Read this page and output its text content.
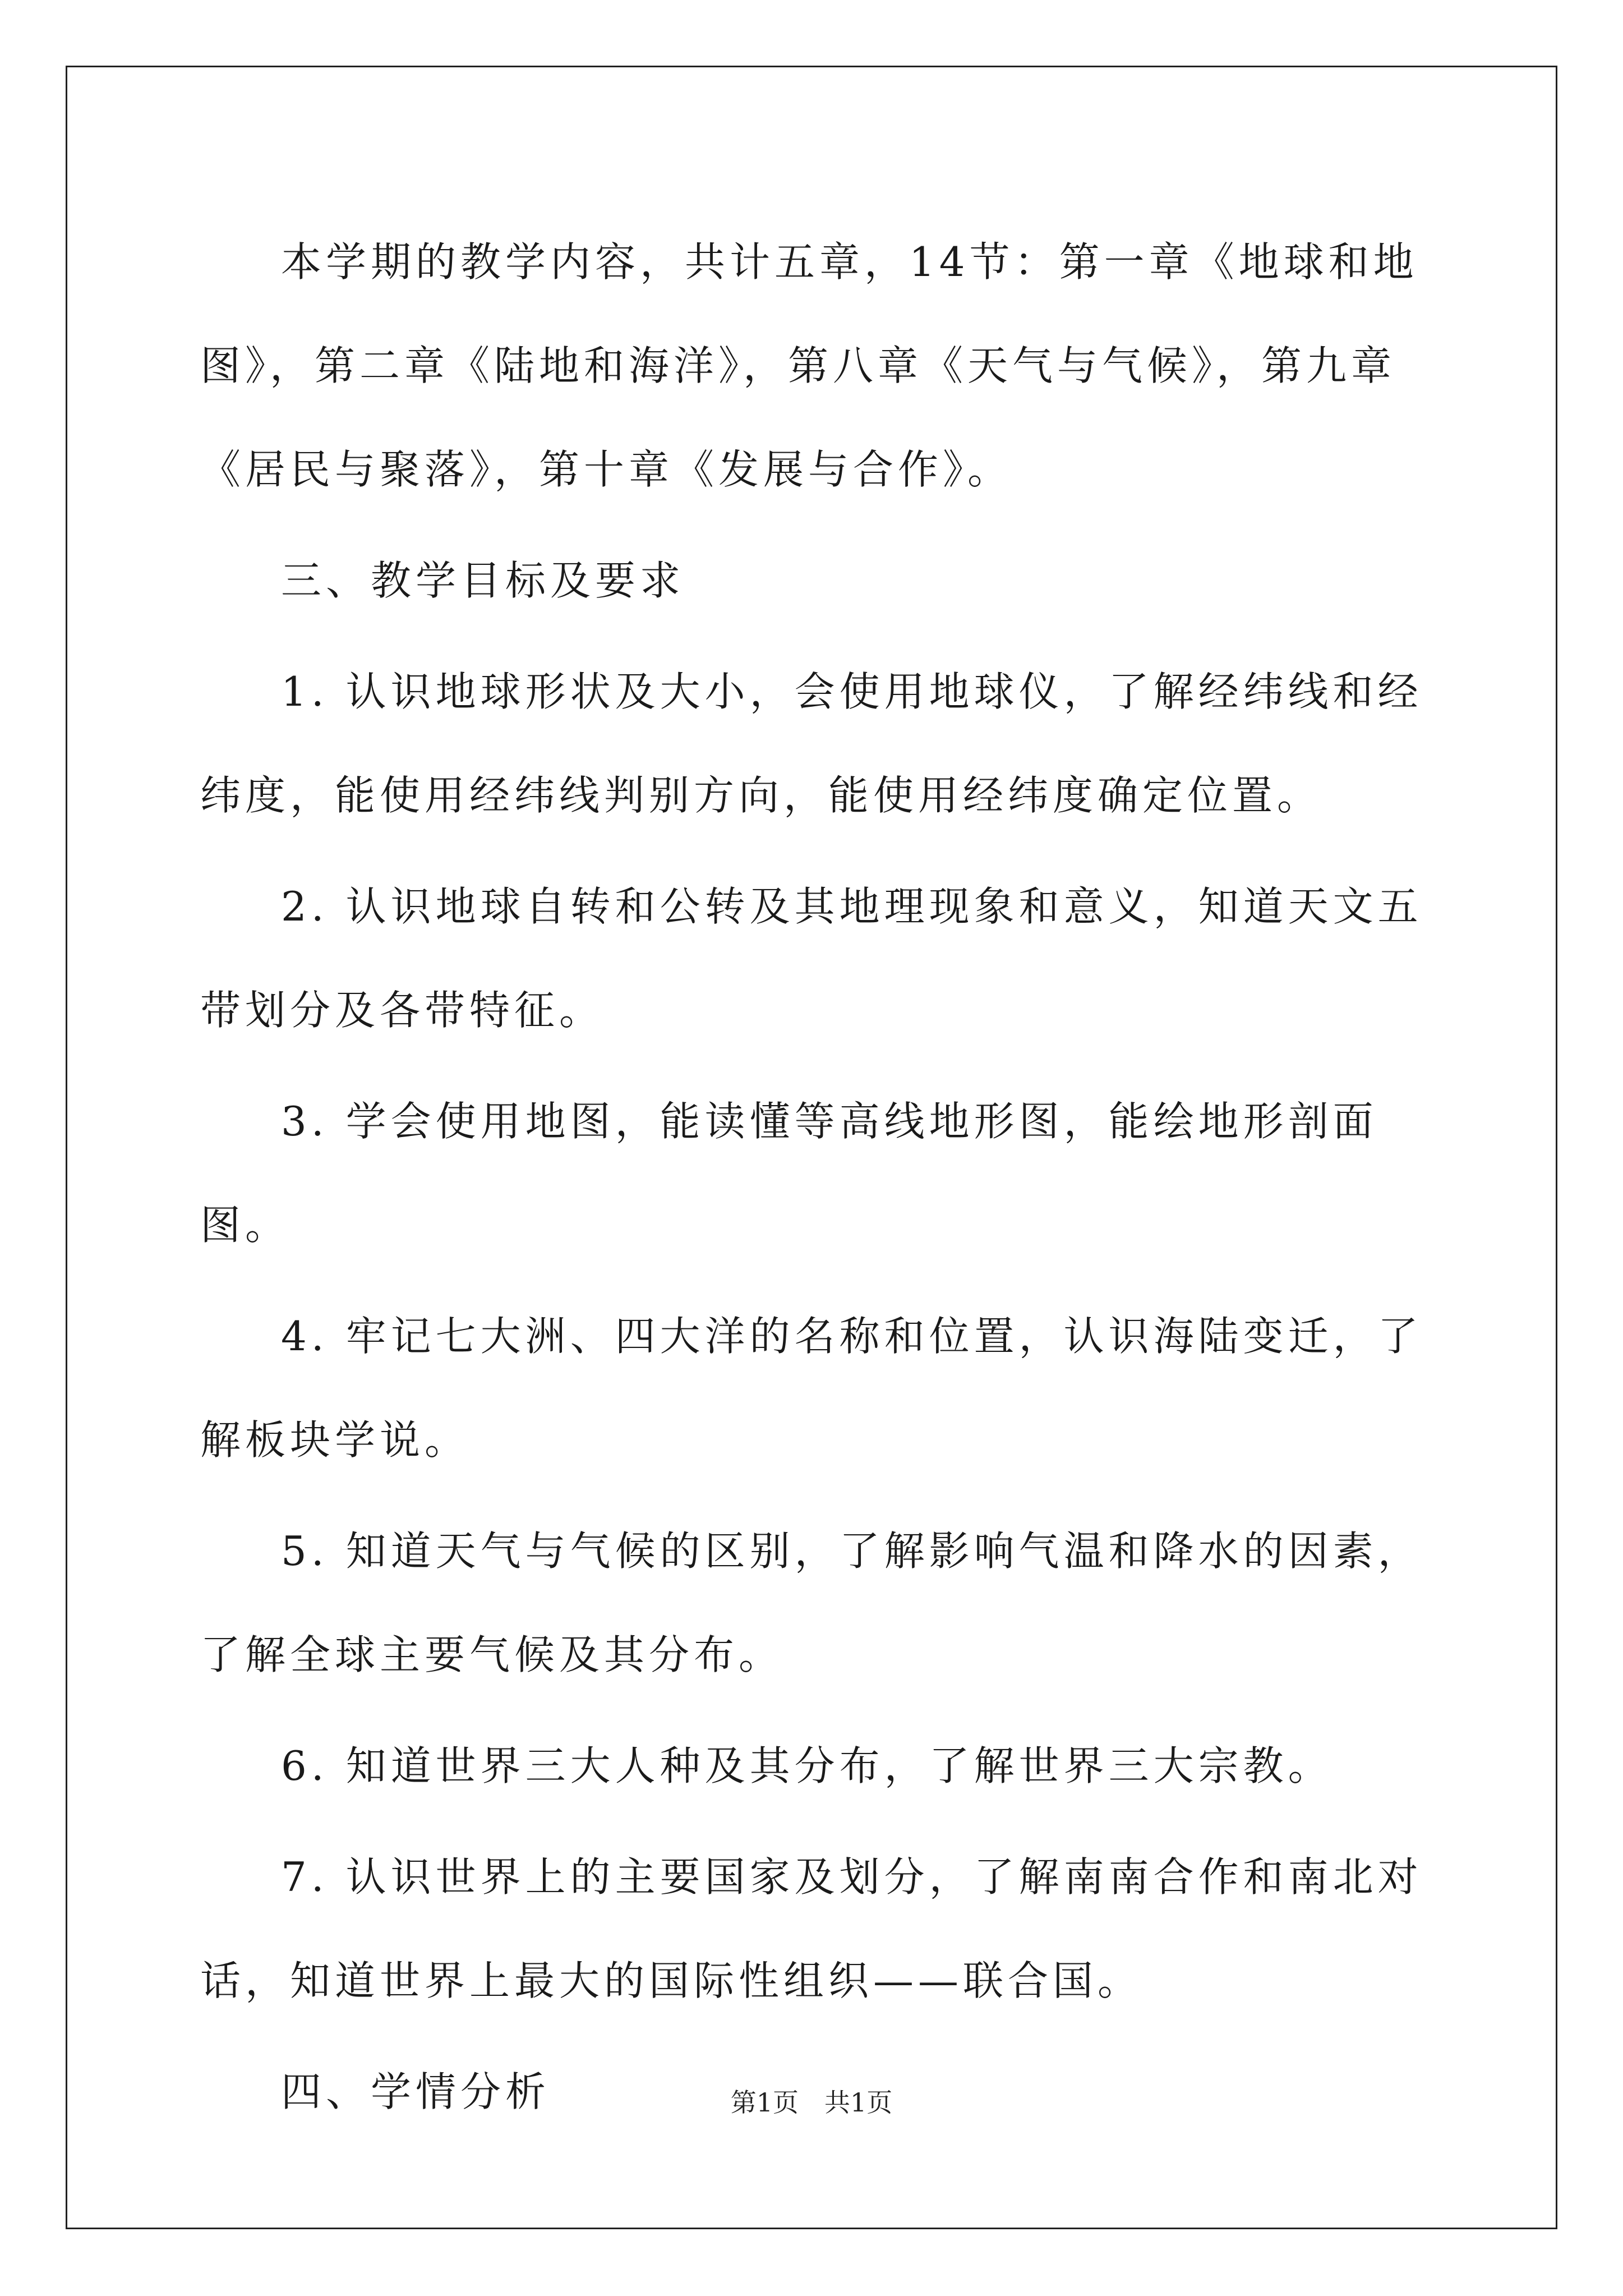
本学期的教学内容，共计五章，14节：第一章《地球和地图》，第二章《陆地和海洋》，第八章《天气与气候》，第九章《居民与聚落》，第十章《发展与合作》。

三、教学目标及要求

1. 认识地球形状及大小，会使用地球仪，了解经纬线和经纬度，能使用经纬线判别方向，能使用经纬度确定位置。

2. 认识地球自转和公转及其地理现象和意义，知道天文五带划分及各带特征。

3. 学会使用地图，能读懂等高线地形图，能绘地形剖面图。

4. 牢记七大洲、四大洋的名称和位置，认识海陆变迁，了解板块学说。

5. 知道天气与气候的区别，了解影响气温和降水的因素，了解全球主要气候及其分布。

6. 知道世界三大人种及其分布，了解世界三大宗教。

7. 认识世界上的主要国家及划分，了解南南合作和南北对话，知道世界上最大的国际性组织——联合国。

四、学情分析	第1页 共1页
